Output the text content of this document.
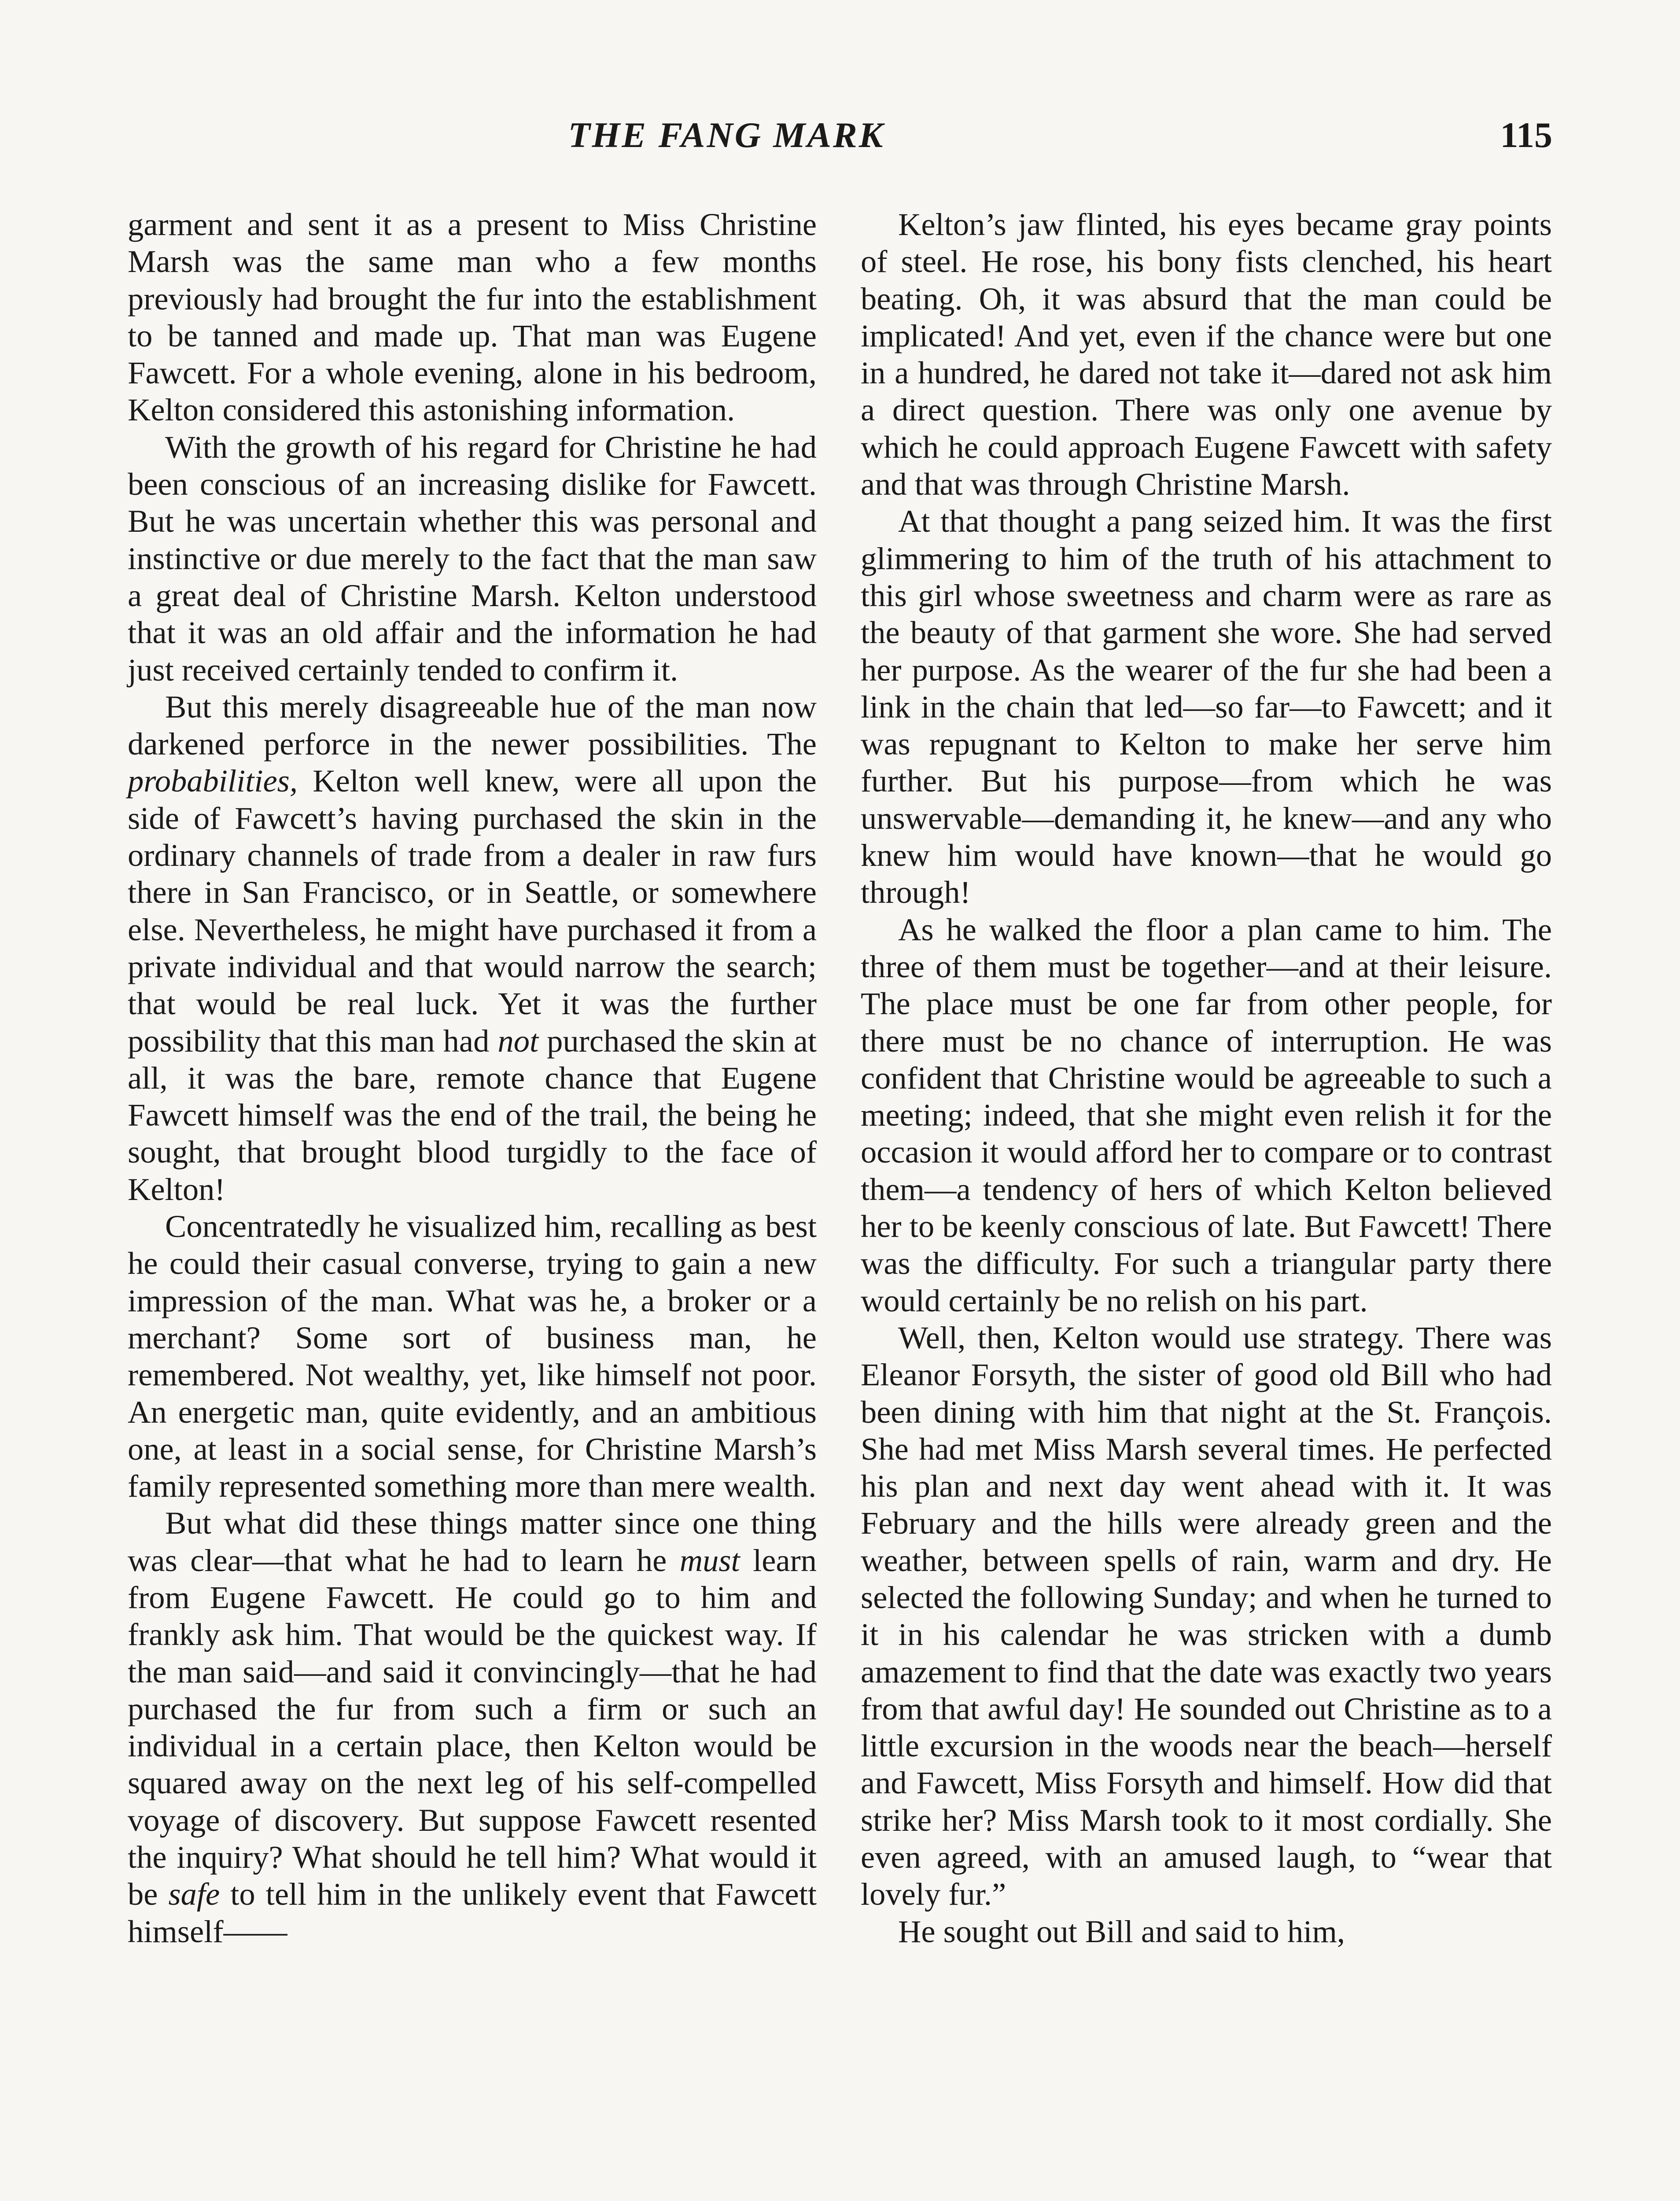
THE FANG MARK	115

garment and sent it as a present to Miss Christine Marsh was the same man who a few months previously had brought the fur into the establishment to be tanned and made up. That man was Eugene Fawcett. For a whole evening, alone in his bedroom, Kelton considered this astonishing information.

With the growth of his regard for Christine he had been conscious of an increasing dislike for Fawcett. But he was uncertain whether this was personal and instinctive or due merely to the fact that the man saw a great deal of Christine Marsh. Kelton understood that it was an old affair and the information he had just received certainly tended to confirm it.

But this merely disagreeable hue of the man now darkened perforce in the newer possibilities. The probabilities, Kelton well knew, were all upon the side of Fawcett’s having purchased the skin in the ordinary channels of trade from a dealer in raw furs there in San Francisco, or in Seattle, or somewhere else. Nevertheless, he might have purchased it from a private individual and that would narrow the search; that would be real luck. Yet it was the further possibility that this man had not purchased the skin at all, it was the bare, remote chance that Eugene Fawcett himself was the end of the trail, the being he sought, that brought blood turgidly to the face of Kelton!

Concentratedly he visualized him, recalling as best he could their casual converse, trying to gain a new impression of the man. What was he, a broker or a merchant? Some sort of business man, he remembered. Not wealthy, yet, like himself not poor. An energetic man, quite evidently, and an ambitious one, at least in a social sense, for Christine Marsh’s family represented something more than mere wealth.

But what did these things matter since one thing was clear—that what he had to learn he must learn from Eugene Fawcett. He could go to him and frankly ask him. That would be the quickest way. If the man said—and said it convincingly—that he had purchased the fur from such a firm or such an individual in a certain place, then Kelton would be squared away on the next leg of his self-compelled voyage of discovery. But suppose Fawcett resented the inquiry? What should he tell him? What would it be safe to tell him in the unlikely event that Fawcett himself——

Kelton’s jaw flinted, his eyes became gray points of steel. He rose, his bony fists clenched, his heart beating. Oh, it was absurd that the man could be implicated! And yet, even if the chance were but one in a hundred, he dared not take it—dared not ask him a direct question. There was only one avenue by which he could approach Eugene Fawcett with safety and that was through Christine Marsh.

At that thought a pang seized him. It was the first glimmering to him of the truth of his attachment to this girl whose sweetness and charm were as rare as the beauty of that garment she wore. She had served her purpose. As the wearer of the fur she had been a link in the chain that led—so far—to Fawcett; and it was repugnant to Kelton to make her serve him further. But his purpose—from which he was unswervable—demanding it, he knew—and any who knew him would have known—that he would go through!

As he walked the floor a plan came to him. The three of them must be together—and at their leisure. The place must be one far from other people, for there must be no chance of interruption. He was confident that Christine would be agreeable to such a meeting; indeed, that she might even relish it for the occasion it would afford her to compare or to contrast them—a tendency of hers of which Kelton believed her to be keenly conscious of late. But Fawcett! There was the difficulty. For such a triangular party there would certainly be no relish on his part.

Well, then, Kelton would use strategy. There was Eleanor Forsyth, the sister of good old Bill who had been dining with him that night at the St. François. She had met Miss Marsh several times. He perfected his plan and next day went ahead with it. It was February and the hills were already green and the weather, between spells of rain, warm and dry. He selected the following Sunday; and when he turned to it in his calendar he was stricken with a dumb amazement to find that the date was exactly two years from that awful day! He sounded out Christine as to a little excursion in the woods near the beach—herself and Fawcett, Miss Forsyth and himself. How did that strike her? Miss Marsh took to it most cordially. She even agreed, with an amused laugh, to “wear that lovely fur.”

He sought out Bill and said to him,
